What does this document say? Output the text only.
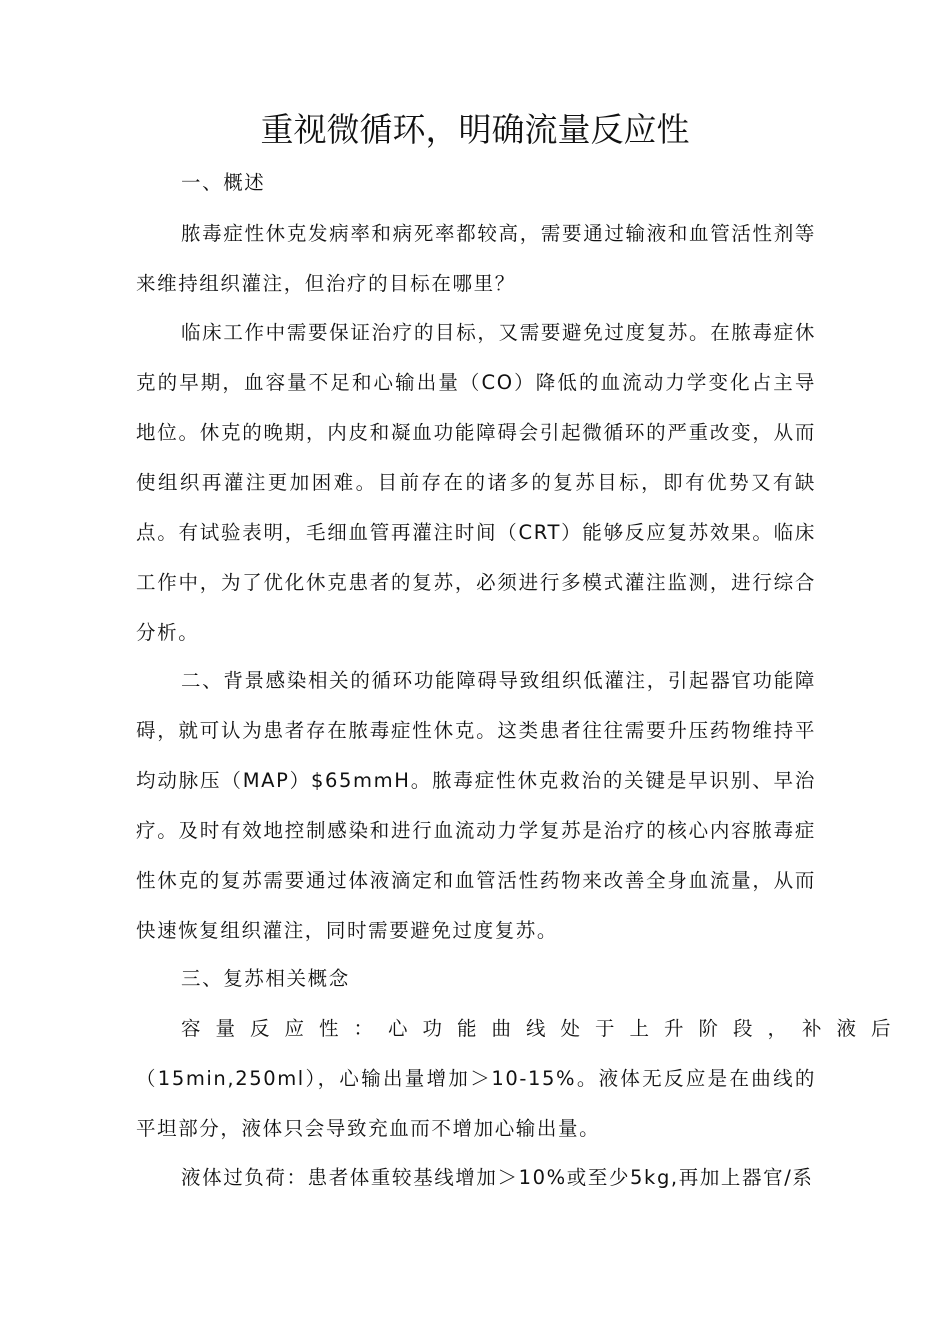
重视微循环，明确流量反应性
一、概述
脓毒症性休克发病率和病死率都较高，需要通过输液和血管活性剂等来维持组织灌注，但治疗的目标在哪里？
临床工作中需要保证治疗的目标，又需要避免过度复苏。在脓毒症休克的早期，血容量不足和心输出量（CO）降低的血流动力学变化占主导地位。休克的晚期，内皮和凝血功能障碍会引起微循环的严重改变，从而使组织再灌注更加困难。目前存在的诸多的复苏目标，即有优势又有缺点。有试验表明，毛细血管再灌注时间（CRT）能够反应复苏效果。临床工作中，为了优化休克患者的复苏，必须进行多模式灌注监测，进行综合分析。
二、背景感染相关的循环功能障碍导致组织低灌注，引起器官功能障碍，就可认为患者存在脓毒症性休克。这类患者往往需要升压药物维持平均动脉压（MAP）$65mmH。脓毒症性休克救治的关键是早识别、早治疗。及时有效地控制感染和进行血流动力学复苏是治疗的核心内容脓毒症性休克的复苏需要通过体液滴定和血管活性药物来改善全身血流量，从而快速恢复组织灌注，同时需要避免过度复苏。
三、复苏相关概念
容量反应性：心功能曲线处于上升阶段，补液后
（15min,250ml），心输出量增加＞10-15%。液体无反应是在曲线的平坦部分，液体只会导致充血而不增加心输出量。
液体过负荷：患者体重较基线增加＞10%或至少5kg,再加上器官/系
